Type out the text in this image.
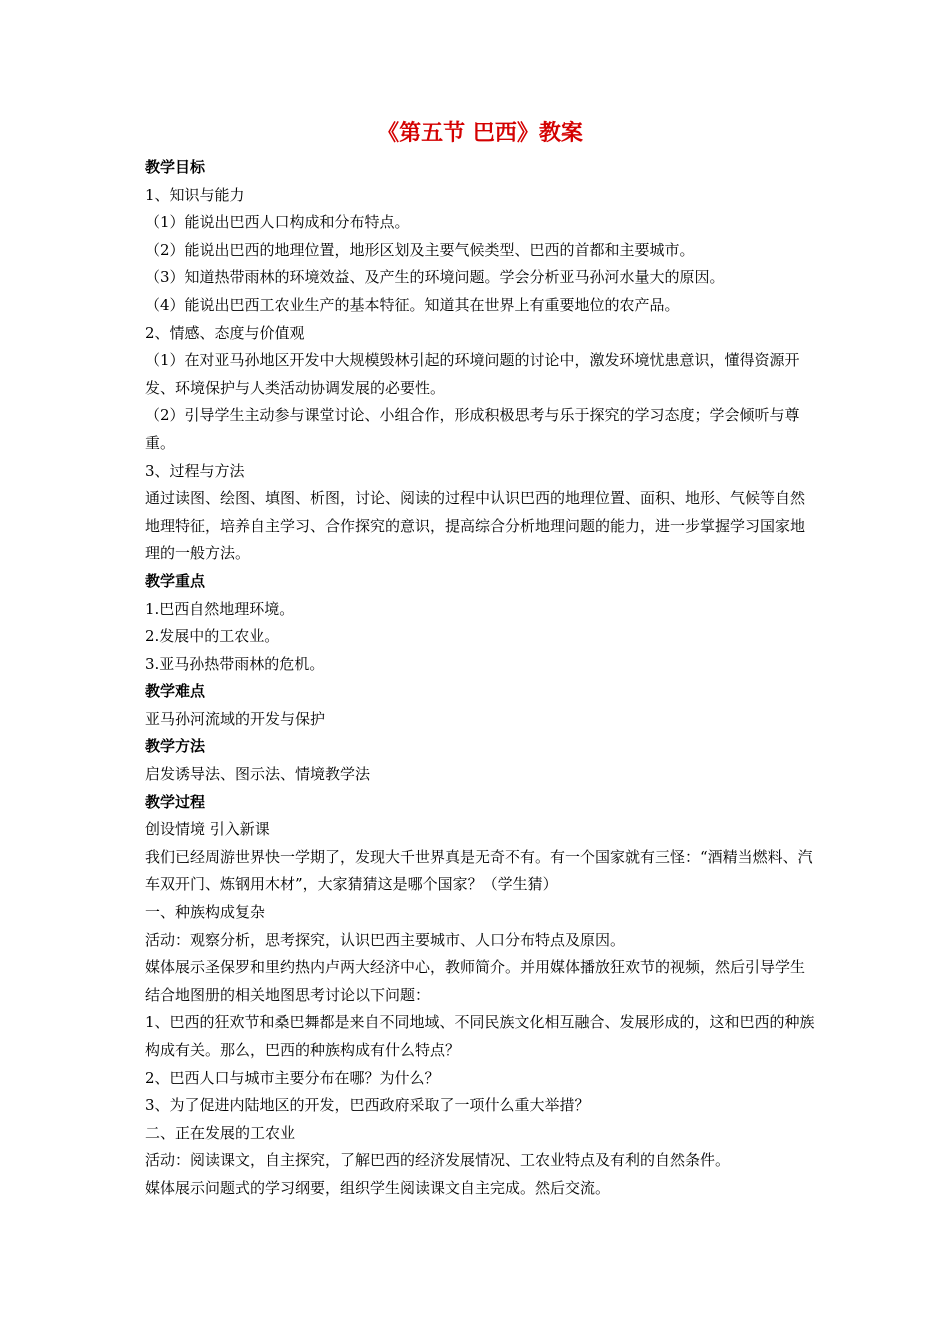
《第五节 巴西》教案

教学目标

1、知识与能力

（1）能说出巴西人口构成和分布特点。

（2）能说出巴西的地理位置，地形区划及主要气候类型、巴西的首都和主要城市。

（3）知道热带雨林的环境效益、及产生的环境问题。学会分析亚马孙河水量大的原因。

（4）能说出巴西工农业生产的基本特征。知道其在世界上有重要地位的农产品。

2、情感、态度与价值观

（1）在对亚马孙地区开发中大规模毁林引起的环境问题的讨论中，激发环境忧患意识，懂得资源开发、环境保护与人类活动协调发展的必要性。

（2）引导学生主动参与课堂讨论、小组合作，形成积极思考与乐于探究的学习态度；学会倾听与尊重。

3、过程与方法

通过读图、绘图、填图、析图，讨论、阅读的过程中认识巴西的地理位置、面积、地形、气候等自然地理特征，培养自主学习、合作探究的意识，提高综合分析地理问题的能力，进一步掌握学习国家地理的一般方法。

教学重点

1.巴西自然地理环境。

2.发展中的工农业。

3.亚马孙热带雨林的危机。

教学难点

亚马孙河流域的开发与保护

教学方法

启发诱导法、图示法、情境教学法

教学过程

创设情境 引入新课

我们已经周游世界快一学期了，发现大千世界真是无奇不有。有一个国家就有三怪：“酒精当燃料、汽车双开门、炼钢用木材”，大家猜猜这是哪个国家？（学生猜）

一、种族构成复杂

活动：观察分析，思考探究，认识巴西主要城市、人口分布特点及原因。

媒体展示圣保罗和里约热内卢两大经济中心，教师简介。并用媒体播放狂欢节的视频，然后引导学生结合地图册的相关地图思考讨论以下问题：

1、巴西的狂欢节和桑巴舞都是来自不同地域、不同民族文化相互融合、发展形成的，这和巴西的种族构成有关。那么，巴西的种族构成有什么特点？

2、巴西人口与城市主要分布在哪？为什么？

3、为了促进内陆地区的开发，巴西政府采取了一项什么重大举措？

二、正在发展的工农业

活动：阅读课文，自主探究，了解巴西的经济发展情况、工农业特点及有利的自然条件。

媒体展示问题式的学习纲要，组织学生阅读课文自主完成。然后交流。
